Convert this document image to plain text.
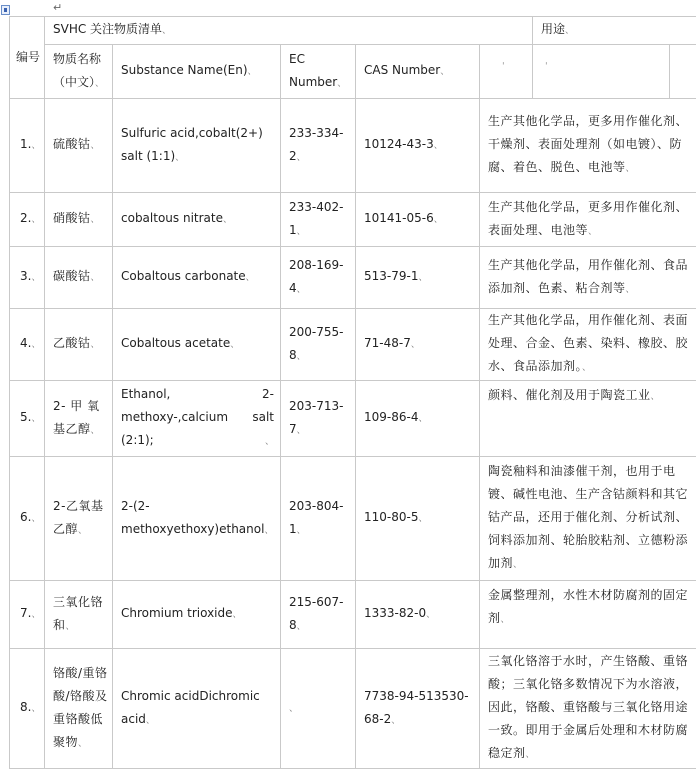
↵
编号	SVHC 关注物质清单、					用途、	
	物质名称（中文）、	Substance Name(En)、	EC Number、	CAS Number、	ˌ	ˌ	
1.、	硫酸钴、	Sulfuric acid,cobalt(2+) salt (1:1)、	233-334-2、	10124-43-3、	生产其他化学品，更多用作催化剂、干燥剂、表面处理剂（如电镀）、防腐、着色、脱色、电池等、		
2.、	硝酸钴、	cobaltous nitrate、	233-402-1、	10141-05-6、	生产其他化学品，更多用作催化剂、表面处理、电池等、		
3.、	碳酸钴、	Cobaltous carbonate、	208-169-4、	513-79-1、	生产其他化学品，用作催化剂、食品添加剂、色素、粘合剂等、		
4.、	乙酸钴、	Cobaltous acetate、	200-755-8、	71-48-7、	生产其他化学品，用作催化剂、表面处理、合金、色素、染料、橡胶、胶水、食品添加剂。、		
5.、	2- 甲 氧基乙醇、	Ethanol, 2-methoxy-,calcium salt (2:1);、	203-713-7、	109-86-4、	颜料、催化剂及用于陶瓷工业、		
6.、	2-乙氧基乙醇、	2-(2-methoxyethoxy)ethanol、	203-804-1、	110-80-5、	陶瓷釉料和油漆催干剂，也用于电镀、碱性电池、生产含钴颜料和其它钴产品，还用于催化剂、分析试剂、饲料添加剂、轮胎胶粘剂、立德粉添加剂、		
7.、	三氧化铬和、	Chromium trioxide、	215-607-8、	1333-82-0、	金属整理剂，水性木材防腐剂的固定剂、		
8.、	铬酸/重铬酸/铬酸及重铬酸低聚物、	Chromic acidDichromic acid、	、	7738-94-513530-68-2、	三氧化铬溶于水时，产生铬酸、重铬酸；三氧化铬多数情况下为水溶液，因此，铬酸、重铬酸与三氧化铬用途一致。即用于金属后处理和木材防腐稳定剂、		
